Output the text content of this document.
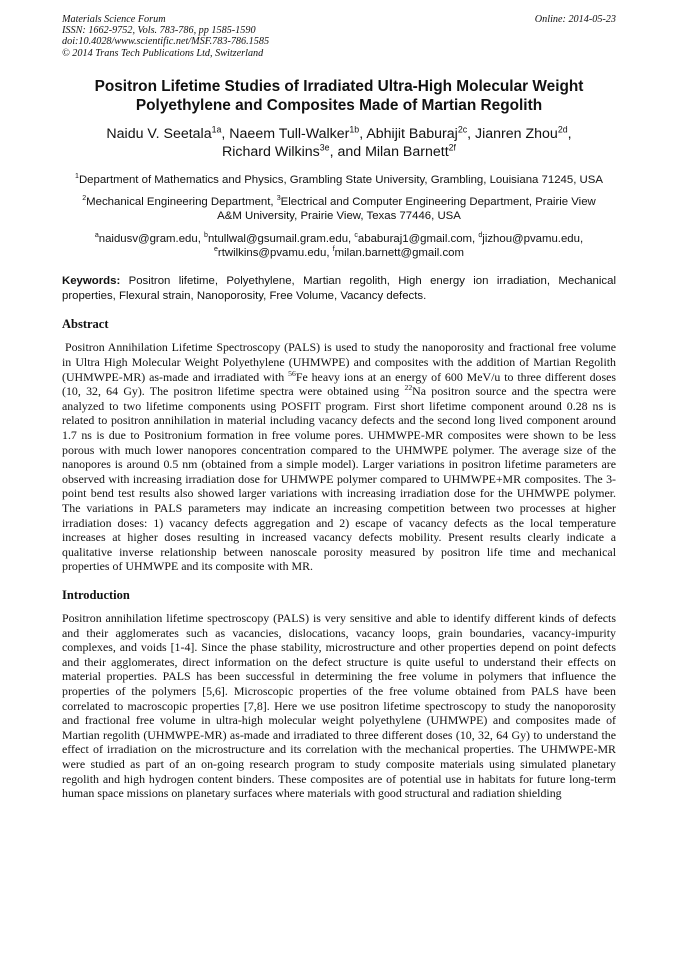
Materials Science Forum
ISSN: 1662-9752, Vols. 783-786, pp 1585-1590
doi:10.4028/www.scientific.net/MSF.783-786.1585
© 2014 Trans Tech Publications Ltd, Switzerland
Online: 2014-05-23
Positron Lifetime Studies of Irradiated Ultra-High Molecular Weight Polyethylene and Composites Made of Martian Regolith
Naidu V. Seetala$^{1a}$, Naeem Tull-Walker$^{1b}$, Abhijit Baburaj$^{2c}$, Jianren Zhou$^{2d}$,
Richard Wilkins$^{3e}$, and Milan Barnett$^{2f}$
$^1$Department of Mathematics and Physics, Grambling State University, Grambling, Louisiana 71245, USA
$^2$Mechanical Engineering Department, $^3$Electrical and Computer Engineering Department, Prairie View A&M University, Prairie View, Texas 77446, USA
$^a$naidusv@gram.edu, $^b$ntullwal@gsumail.gram.edu, $^c$ababuraj1@gmail.com, $^d$jizhou@pvamu.edu,
$^e$rtwilkins@pvamu.edu, $^f$milan.barnett@gmail.com
Keywords: Positron lifetime, Polyethylene, Martian regolith, High energy ion irradiation, Mechanical properties, Flexural strain, Nanoporosity, Free Volume, Vacancy defects.
Abstract
Positron Annihilation Lifetime Spectroscopy (PALS) is used to study the nanoporosity and fractional free volume in Ultra High Molecular Weight Polyethylene (UHMWPE) and composites with the addition of Martian Regolith (UHMWPE-MR) as-made and irradiated with $^{56}$Fe heavy ions at an energy of 600 MeV/u to three different doses (10, 32, 64 Gy). The positron lifetime spectra were obtained using $^{22}$Na positron source and the spectra were analyzed to two lifetime components using POSFIT program. First short lifetime component around 0.28 ns is related to positron annihilation in material including vacancy defects and the second long lived component around 1.7 ns is due to Positronium formation in free volume pores. UHMWPE-MR composites were shown to be less porous with much lower nanopores concentration compared to the UHMWPE polymer. The average size of the nanopores is around 0.5 nm (obtained from a simple model). Larger variations in positron lifetime parameters are observed with increasing irradiation dose for UHMWPE polymer compared to UHMWPE+MR composites. The 3-point bend test results also showed larger variations with increasing irradiation dose for the UHMWPE polymer. The variations in PALS parameters may indicate an increasing competition between two processes at higher irradiation doses: 1) vacancy defects aggregation and 2) escape of vacancy defects as the local temperature increases at higher doses resulting in increased vacancy defects mobility. Present results clearly indicate a qualitative inverse relationship between nanoscale porosity measured by positron life time and mechanical properties of UHMWPE and its composite with MR.
Introduction
Positron annihilation lifetime spectroscopy (PALS) is very sensitive and able to identify different kinds of defects and their agglomerates such as vacancies, dislocations, vacancy loops, grain boundaries, vacancy-impurity complexes, and voids [1-4]. Since the phase stability, microstructure and other properties depend on point defects and their agglomerates, direct information on the defect structure is quite useful to understand their effects on material properties. PALS has been successful in determining the free volume in polymers that influence the properties of the polymers [5,6]. Microscopic properties of the free volume obtained from PALS have been correlated to macroscopic properties [7,8]. Here we use positron lifetime spectroscopy to study the nanoporosity and fractional free volume in ultra-high molecular weight polyethylene (UHMWPE) and composites made of Martian regolith (UHMWPE-MR) as-made and irradiated to three different doses (10, 32, 64 Gy) to understand the effect of irradiation on the microstructure and its correlation with the mechanical properties. The UHMWPE-MR were studied as part of an on-going research program to study composite materials using simulated planetary regolith and high hydrogen content binders. These composites are of potential use in habitats for future long-term human space missions on planetary surfaces where materials with good structural and radiation shielding
